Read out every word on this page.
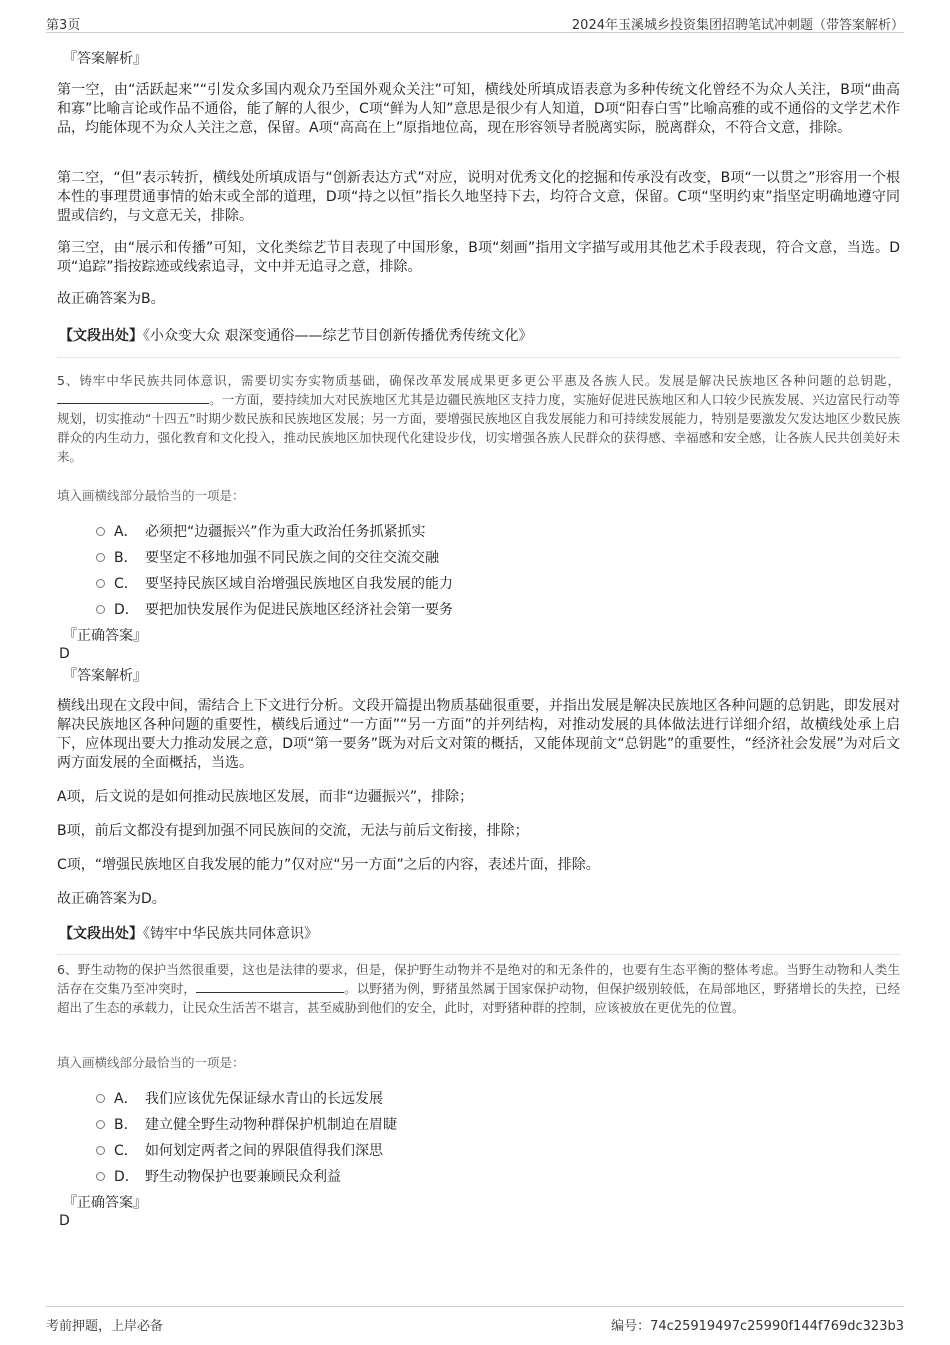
第3页	2024年玉溪城乡投资集团招聘笔试冲刺题（带答案解析）
『答案解析』

第一空，由“活跃起来”“引发众多国内观众乃至国外观众关注”可知，横线处所填成语表意为多种传统文化曾经不为众人关注，B项“曲高和寡”比喻言论或作品不通俗，能了解的人很少，C项“鲜为人知”意思是很少有人知道，D项“阳春白雪”比喻高雅的或不通俗的文学艺术作品，均能体现不为众人关注之意，保留。A项“高高在上”原指地位高，现在形容领导者脱离实际，脱离群众，不符合文意，排除。

第二空，“但”表示转折，横线处所填成语与“创新表达方式”对应，说明对优秀文化的挖掘和传承没有改变，B项“一以贯之”形容用一个根本性的事理贯通事情的始末或全部的道理，D项“持之以恒”指长久地坚持下去，均符合文意，保留。C项“坚明约束”指坚定明确地遵守同盟或信约，与文意无关，排除。

第三空，由“展示和传播”可知，文化类综艺节目表现了中国形象，B项“刻画”指用文字描写或用其他艺术手段表现，符合文意，当选。D项“追踪”指按踪迹或线索追寻，文中并无追寻之意，排除。

故正确答案为B。

【文段出处】《小众变大众 艰深变通俗——综艺节目创新传播优秀传统文化》

5、铸牢中华民族共同体意识，需要切实夯实物质基础，确保改革发展成果更多更公平惠及各族人民。发展是解决民族地区各种问题的总钥匙，。一方面，要持续加大对民族地区尤其是边疆民族地区支持力度，实施好促进民族地区和人口较少民族发展、兴边富民行动等规划，切实推动“十四五”时期少数民族和民族地区发展；另一方面，要增强民族地区自我发展能力和可持续发展能力，特别是要激发欠发达地区少数民族群众的内生动力，强化教育和文化投入，推动民族地区加快现代化建设步伐，切实增强各族人民群众的获得感、幸福感和安全感，让各族人民共创美好未来。

填入画横线部分最恰当的一项是：
A． 必须把“边疆振兴”作为重大政治任务抓紧抓实
B． 要坚定不移地加强不同民族之间的交往交流交融
C． 要坚持民族区域自治增强民族地区自我发展的能力
D． 要把加快发展作为促进民族地区经济社会第一要务
『正确答案』
D
『答案解析』

横线出现在文段中间，需结合上下文进行分析。文段开篇提出物质基础很重要，并指出发展是解决民族地区各种问题的总钥匙，即发展对解决民族地区各种问题的重要性，横线后通过“一方面”“另一方面”的并列结构，对推动发展的具体做法进行详细介绍，故横线处承上启下，应体现出要大力推动发展之意，D项“第一要务”既为对后文对策的概括，又能体现前文“总钥匙”的重要性，“经济社会发展”为对后文两方面发展的全面概括，当选。

A项，后文说的是如何推动民族地区发展，而非“边疆振兴”，排除；

B项，前后文都没有提到加强不同民族间的交流，无法与前后文衔接，排除；

C项，“增强民族地区自我发展的能力”仅对应“另一方面”之后的内容，表述片面，排除。

故正确答案为D。

【文段出处】《铸牢中华民族共同体意识》

6、野生动物的保护当然很重要，这也是法律的要求，但是，保护野生动物并不是绝对的和无条件的，也要有生态平衡的整体考虑。当野生动物和人类生活存在交集乃至冲突时，	。以野猪为例，野猪虽然属于国家保护动物，但保护级别较低，在局部地区，野猪增长的失控，已经超出了生态的承载力，让民众生活苦不堪言，甚至威胁到他们的安全，此时，对野猪种群的控制，应该被放在更优先的位置。

填入画横线部分最恰当的一项是：
A． 我们应该优先保证绿水青山的长远发展
B． 建立健全野生动物种群保护机制迫在眉睫
C． 如何划定两者之间的界限值得我们深思
D． 野生动物保护也要兼顾民众利益
『正确答案』
D
考前押题，上岸必备	编号：74c25919497c25990f144f769dc323b3
